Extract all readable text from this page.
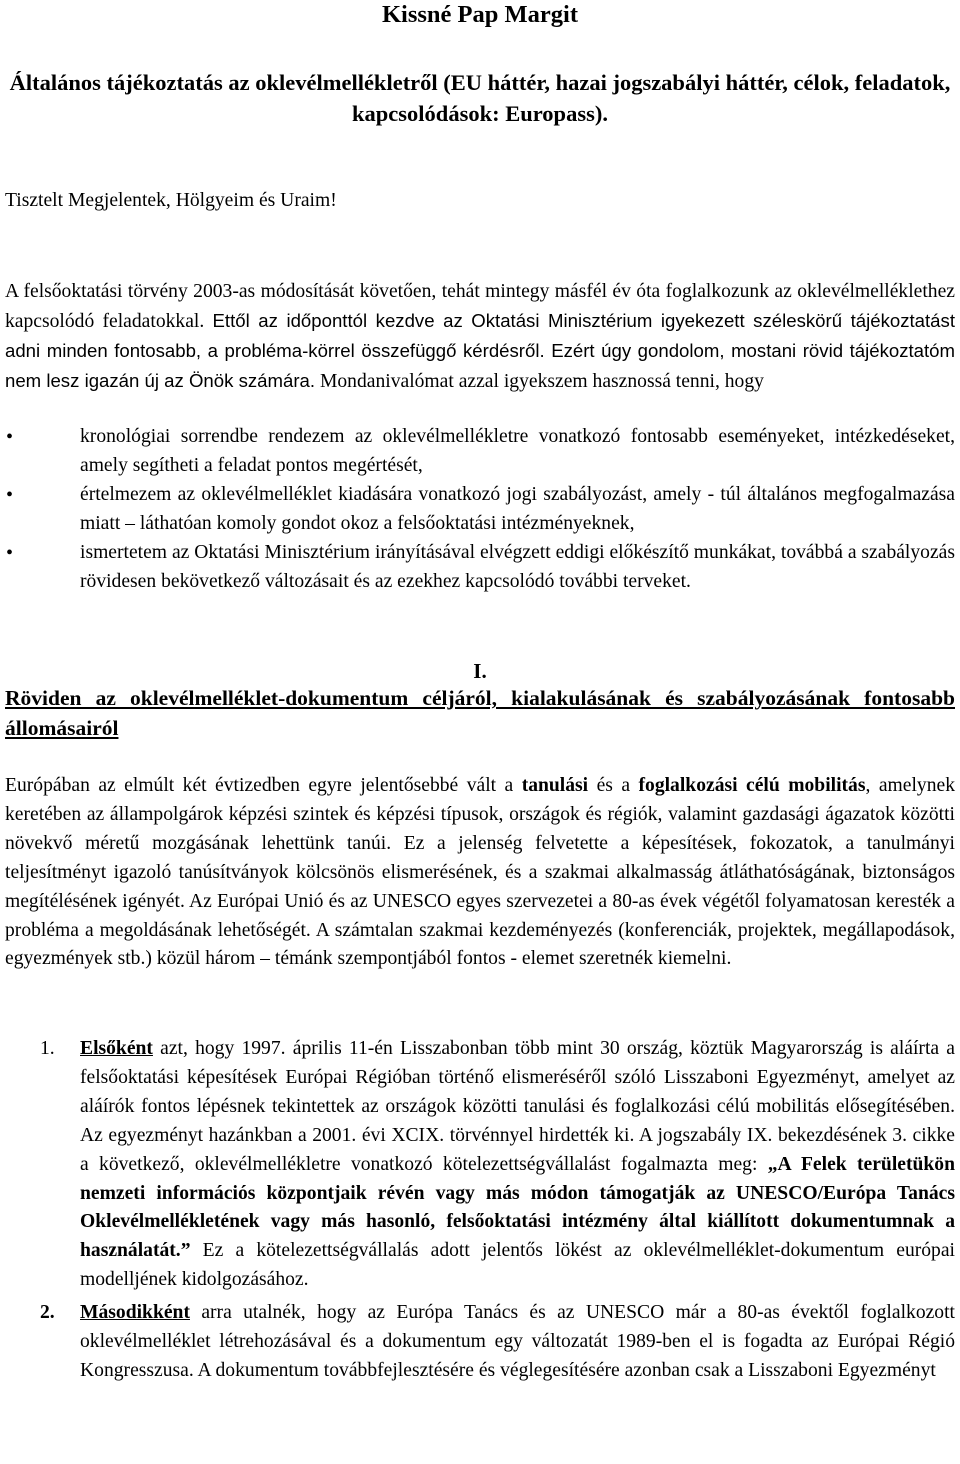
Kissné Pap Margit
Általános tájékoztatás az oklevélmellékletről (EU háttér, hazai jogszabályi háttér, célok, feladatok, kapcsolódások: Europass).

Tisztelt Megjelentek, Hölgyeim és Uraim!

A felsőoktatási törvény 2003-as módosítását követően, tehát mintegy másfél év óta foglalkozunk az oklevélmelléklethez kapcsolódó feladatokkal. Ettől az időponttól kezdve az Oktatási Minisztérium igyekezett széleskörű tájékoztatást adni minden fontosabb, a probléma ‐ körrel összefüggő kérdésről. Ezért úgy gondolom, mostani rövid tájékoztatóm nem lesz igazán új az Önök számára. Mondanivalómat azzal igyekszem hasznossá tenni, hogy

• kronológiai sorrendbe rendezem az oklevélmellékletre vonatkozó fontosabb eseményeket, intézkedéseket, amely segítheti a feladat pontos megértését,
• értelmezem az oklevélmelléklet kiadására vonatkozó jogi szabályozást, amely - túl általános megfogalmazása miatt – láthatóan komoly gondot okoz a felsőoktatási intézményeknek,
• ismertetem az Oktatási Minisztérium irányításával elvégzett eddigi előkészítő munkákat, továbbá a szabályozás rövidesen bekövetkező változásait és az ezekhez kapcsolódó további terveket.
I.
Röviden az oklevélmelléklet-dokumentum céljáról, kialakulásának és szabályozásának fontosabb állomásairól

Európában az elmúlt két évtizedben egyre jelentősebbé vált a tanulási és a foglalkozási célú mobilitás, amelynek keretében az állampolgárok képzési szintek és képzési típusok, országok és régiók, valamint gazdasági ágazatok közötti növekvő méretű mozgásának lehettünk tanúi. Ez a jelenség felvetette a képesítések, fokozatok, a tanulmányi teljesítményt igazoló tanúsítványok kölcsönös elismerésének, és a szakmai alkalmasság átláthatóságának, biztonságos megítélésének igényét. Az Európai Unió és az UNESCO egyes szervezetei a 80-as évek végétől folyamatosan keresték a probléma a megoldásának lehetőségét. A számtalan szakmai kezdeményezés (konferenciák, projektek, megállapodások, egyezmények stb.) közül három – témánk szempontjából fontos - elemet szeretnék kiemelni.

1. Elsőként azt, hogy 1997. április 11-én Lisszabonban több mint 30 ország, köztük Magyarország is aláírta a felsőoktatási képesítések Európai Régióban történő elismeréséről szóló Lisszaboni Egyezményt, amelyet az aláírók fontos lépésnek tekintettek az országok közötti tanulási és foglalkozási célú mobilitás elősegítésében. Az egyezményt hazánkban a 2001. évi XCIX. törvénnyel hirdették ki. A jogszabály IX. bekezdésének 3. cikke a következő, oklevélmellékletre vonatkozó kötelezettségvállalást fogalmazta meg: „A Felek területükön nemzeti információs központjaik révén vagy más módon támogatják az UNESCO/Európa Tanács Oklevélmellékletének vagy más hasonló, felsőoktatási intézmény által kiállított dokumentumnak a használatát.” Ez a kötelezettségvállalás adott jelentős lökést az oklevélmelléklet-dokumentum európai modelljének kidolgozásához.
2. Másodikként arra utalnék, hogy az Európa Tanács és az UNESCO már a 80-as évektől foglalkozott oklevélmelléklet létrehozásával és a dokumentum egy változatát 1989-ben el is fogadta az Európai Régió Kongresszusa. A dokumentum továbbfejlesztésére és véglegesítésére azonban csak a Lisszaboni Egyezményt
